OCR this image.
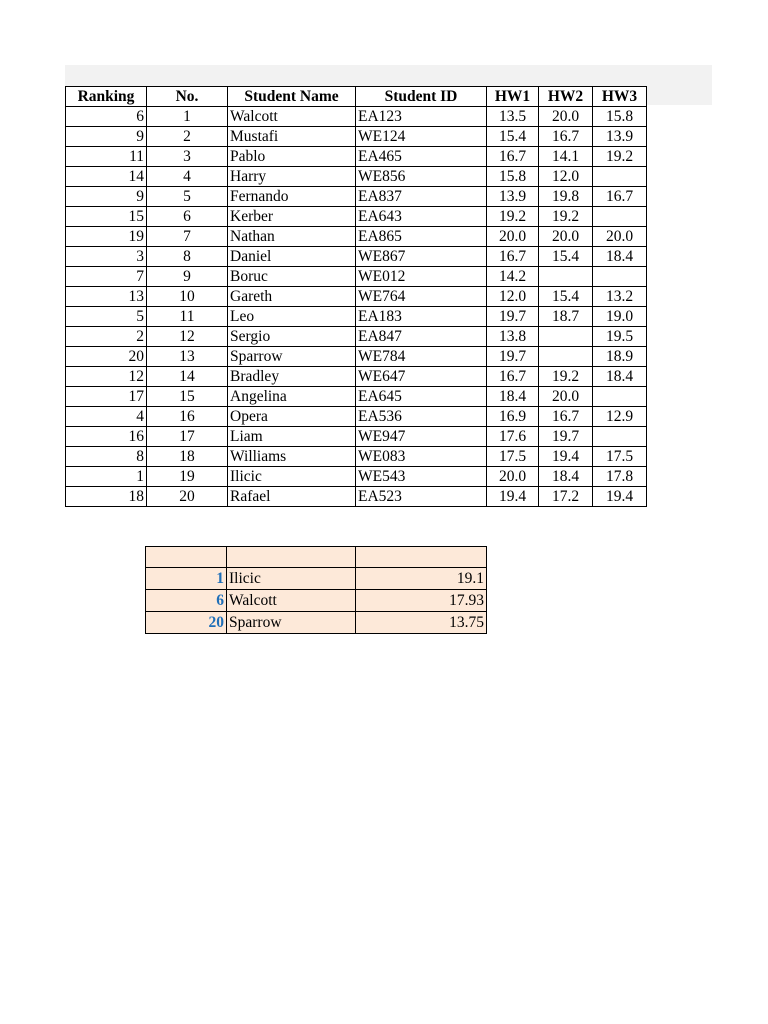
Ranking	No.	Student Name	Student ID	HW1	HW2	HW3
6	1	Walcott	EA123	13.5	20.0	15.8
9	2	Mustafi	WE124	15.4	16.7	13.9
11	3	Pablo	EA465	16.7	14.1	19.2
14	4	Harry	WE856	15.8	12.0	
9	5	Fernando	EA837	13.9	19.8	16.7
15	6	Kerber	EA643	19.2	19.2	
19	7	Nathan	EA865	20.0	20.0	20.0
3	8	Daniel	WE867	16.7	15.4	18.4
7	9	Boruc	WE012	14.2		
13	10	Gareth	WE764	12.0	15.4	13.2
5	11	Leo	EA183	19.7	18.7	19.0
2	12	Sergio	EA847	13.8		19.5
20	13	Sparrow	WE784	19.7		18.9
12	14	Bradley	WE647	16.7	19.2	18.4
17	15	Angelina	EA645	18.4	20.0	
4	16	Opera	EA536	16.9	16.7	12.9
16	17	Liam	WE947	17.6	19.7	
8	18	Williams	WE083	17.5	19.4	17.5
1	19	Ilicic	WE543	20.0	18.4	17.8
18	20	Rafael	EA523	19.4	17.2	19.4

1	Ilicic	19.1
6	Walcott	17.93
20	Sparrow	13.75
